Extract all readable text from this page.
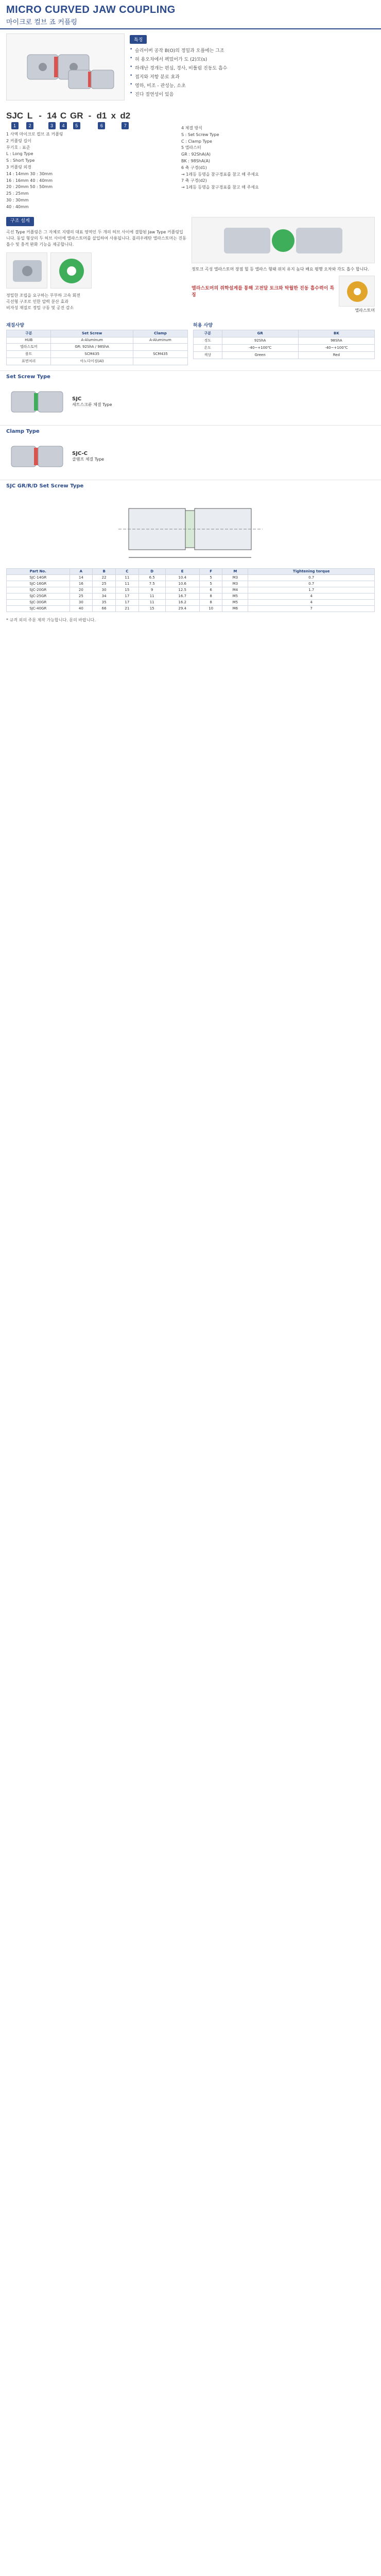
MICRO CURVED JAW COUPLING
마이크로 컬브 죠 커플링
특징
• 슬리이버 공작 B(O)의 정밀과 오플에는 그조
• 허 용오차에서 펙밌어가 도 (2)모(s)
• 하래난 경개는 편심, 경사, 비틀림 진동도 흡수
• 접지와 저항 분로 효과
• 영하, 비조 - 관성능, 소초
• 진다 절연성이 있음
SJC
1
L
2
- 14
3
C
4
GR
5
- d1
6
x d2
7
1 사엑 마이크로 컬브 죠 커플링
2 커플링 길이
무기호 : 표준
L : Long Type
S : Short Type
3 커플링 외경
14 : 14mm 30 : 30mm
16 : 16mm 40 : 40mm
20 : 20mm 50 : 50mm
25 : 25mm
30 : 30mm
40 : 40mm
4 체결 방식
S : Set Screw Type
C : Clamp Type
5 엘라스터
GR : 92ShA(A)
BK : 98ShA(A)
6 축 구경(d1)
→ 1레등 등명을 참구경표를 참고 해 주세요
7 축 구경(d2)
→ 1레등 등명을 참구경표를 참고 해 주세요
구조 설계

곡선 Type 커플링은 그 자체로 지탱의 대표 영역인 두 개의 허브 사이에 결합된 Jaw Type 커플링입니다. 동일 형상의 두 허브 사이에 엘라스토머를 삽입하여 사용됩니다. 폴리우레탄 엘라스토머는 진동 흡수 및 충격 완화 기능을 제공합니다.

정밀한 조립을 요구하는 무부하 고속 회전
곡선형 구조로 인한 압력 분산 효과
비자성 재질로 정밀 구동 및 공진 감소

정토크 곡성 엘라스토머 장점 헐 등 엘라스 형태 위치 유지 높다 배요 평행 오차와 각도 흡수 합니다.

엘라스토머의 쥐학설계를 통해 고전달 토크와 탁월한 진동 흡수력이 특징
엘라스토머
재질사양
구분	Set Screw	Clamp
HUB	A-Aluminum	A-Aluminum
엘라스토머	GR: 92ShA / 98ShA	
볼트	SCM435	SCM435
표면처리	아노다이징(Al)	
허용 사양
구분	GR	BK
경도	92ShA	98ShA
온도	-40~+100℃	-40~+100℃
색상	Green	Red
Set Screw Type
SJC
세트스크류 체결 Type
Clamp Type
SJC-C
클램프 체결 Type
SJC GR/R/D Set Screw Type
Part No.	A	B	C	D	E	F	M	Tightening torque
SJC-14GR	14	22	11	6.5	10.4	5	M3	0.7
SJC-16GR	16	25	11	7.5	10.6	5	M3	0.7
SJC-20GR	20	30	15	9	12.5	6	M4	1.7
SJC-25GR	25	34	17	11	16.7	8	M5	4
SJC-30GR	30	35	17	11	16.2	8	M5	4
SJC-40GR	40	66	21	15	29.4	10	M6	7
* 규격 외의 주문 제작 가능합니다. 문의 바랍니다.
